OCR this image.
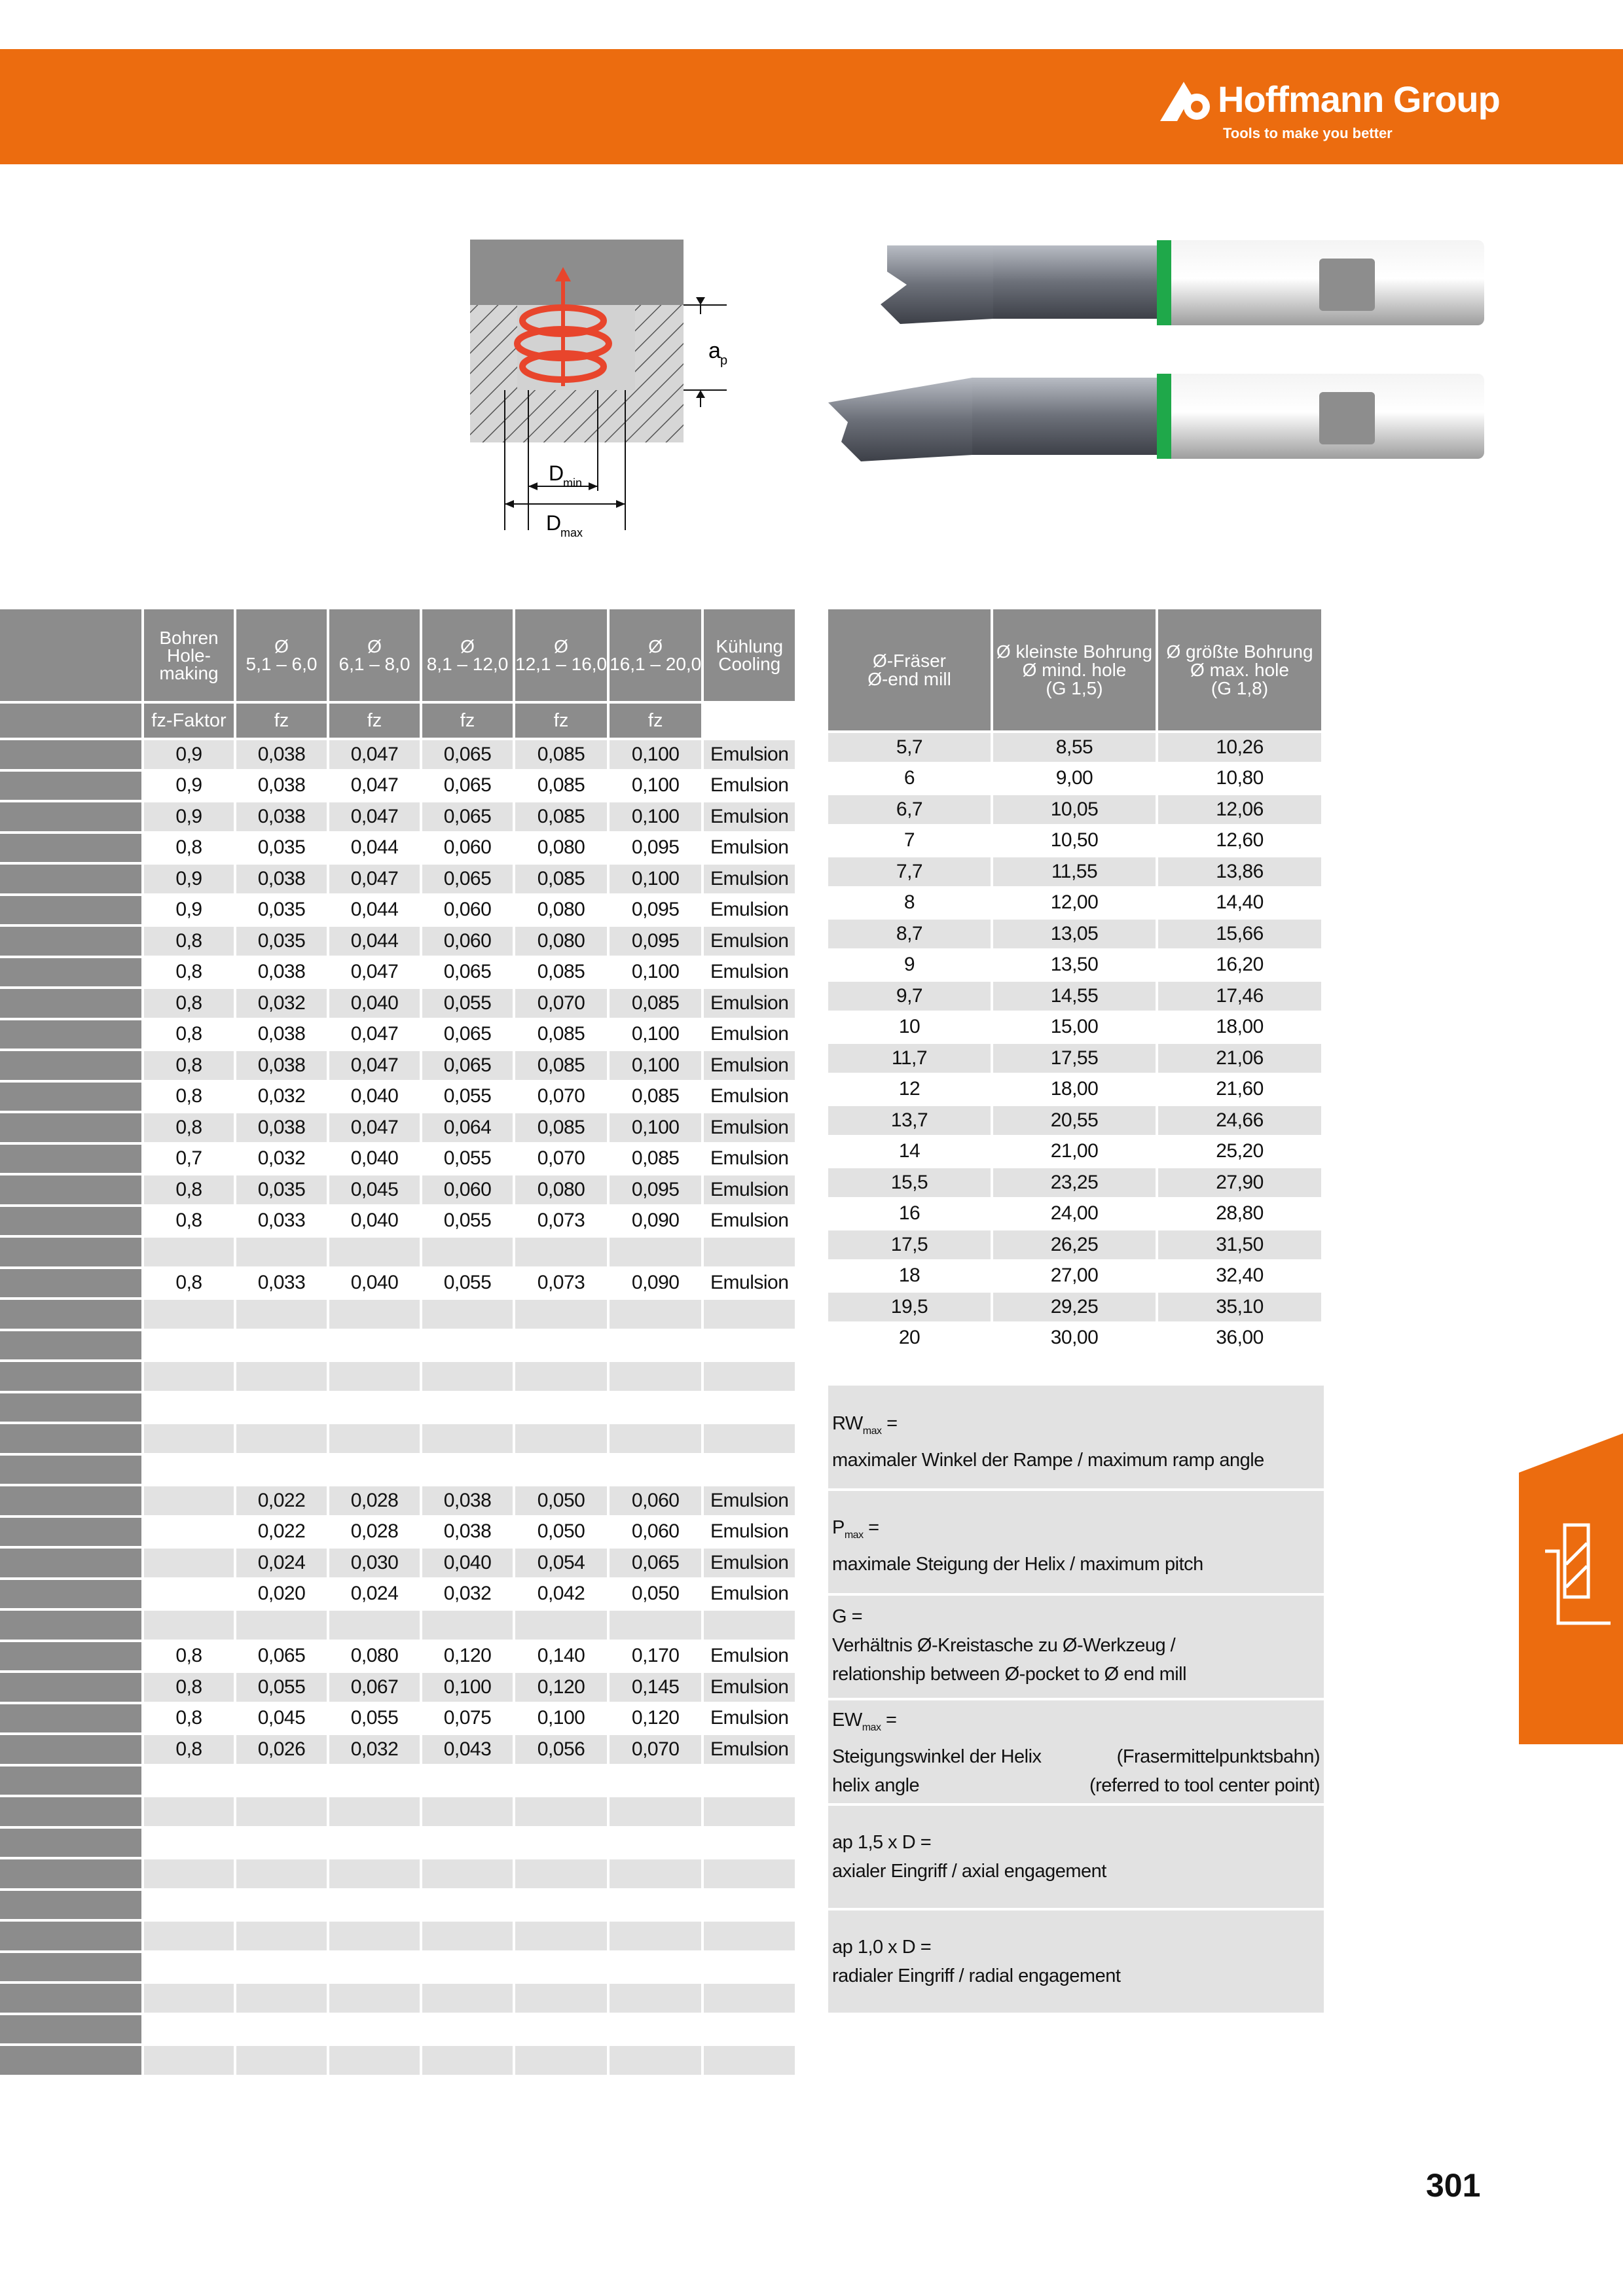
Hoffmann Group
Tools to make you better
a p
D
min
D
max
	Bohren
Hole-
making	Ø
5,1 – 6,0	Ø
6,1 – 8,0	Ø
8,1 – 12,0	Ø
12,1 – 16,0	Ø
16,1 – 20,0	Kühlung
Cooling
	fz-Faktor	fz	fz	fz	fz	fz	
	0,9	0,038	0,047	0,065	0,085	0,100	Emulsion
	0,9	0,038	0,047	0,065	0,085	0,100	Emulsion
	0,9	0,038	0,047	0,065	0,085	0,100	Emulsion
	0,8	0,035	0,044	0,060	0,080	0,095	Emulsion
	0,9	0,038	0,047	0,065	0,085	0,100	Emulsion
	0,9	0,035	0,044	0,060	0,080	0,095	Emulsion
	0,8	0,035	0,044	0,060	0,080	0,095	Emulsion
	0,8	0,038	0,047	0,065	0,085	0,100	Emulsion
	0,8	0,032	0,040	0,055	0,070	0,085	Emulsion
	0,8	0,038	0,047	0,065	0,085	0,100	Emulsion
	0,8	0,038	0,047	0,065	0,085	0,100	Emulsion
	0,8	0,032	0,040	0,055	0,070	0,085	Emulsion
	0,8	0,038	0,047	0,064	0,085	0,100	Emulsion
	0,7	0,032	0,040	0,055	0,070	0,085	Emulsion
	0,8	0,035	0,045	0,060	0,080	0,095	Emulsion
	0,8	0,033	0,040	0,055	0,073	0,090	Emulsion

	0,8	0,033	0,040	0,055	0,073	0,090	Emulsion

		0,022	0,028	0,038	0,050	0,060	Emulsion
		0,022	0,028	0,038	0,050	0,060	Emulsion
		0,024	0,030	0,040	0,054	0,065	Emulsion
		0,020	0,024	0,032	0,042	0,050	Emulsion

	0,8	0,065	0,080	0,120	0,140	0,170	Emulsion
	0,8	0,055	0,067	0,100	0,120	0,145	Emulsion
	0,8	0,045	0,055	0,075	0,100	0,120	Emulsion
	0,8	0,026	0,032	0,043	0,056	0,070	Emulsion

Ø-Fräser
Ø-end mill	Ø kleinste Bohrung
Ø mind. hole
(G 1,5)	Ø größte Bohrung
Ø max. hole
(G 1,8)
5,7	8,55	10,26
6	9,00	10,80
6,7	10,05	12,06
7	10,50	12,60
7,7	11,55	13,86
8	12,00	14,40
8,7	13,05	15,66
9	13,50	16,20
9,7	14,55	17,46
10	15,00	18,00
11,7	17,55	21,06
12	18,00	21,60
13,7	20,55	24,66
14	21,00	25,20
15,5	23,25	27,90
16	24,00	28,80
17,5	26,25	31,50
18	27,00	32,40
19,5	29,25	35,10
20	30,00	36,00
$RW_{max}$ =
maximaler Winkel der Rampe / maximum ramp angle
$P_{max}$ =
maximale Steigung der Helix / maximum pitch
G =
Verhältnis Ø-Kreistasche zu Ø-Werkzeug /
relationship between Ø-pocket to Ø end mill
$EW_{max}$ =
Steigungswinkel der Helix	(Frasermittelpunktsbahn)
helix angle	(referred to tool center point)
ap 1,5 x D =
axialer Eingriff / axial engagement
ap 1,0 x D =
radialer Eingriff / radial engagement
301
